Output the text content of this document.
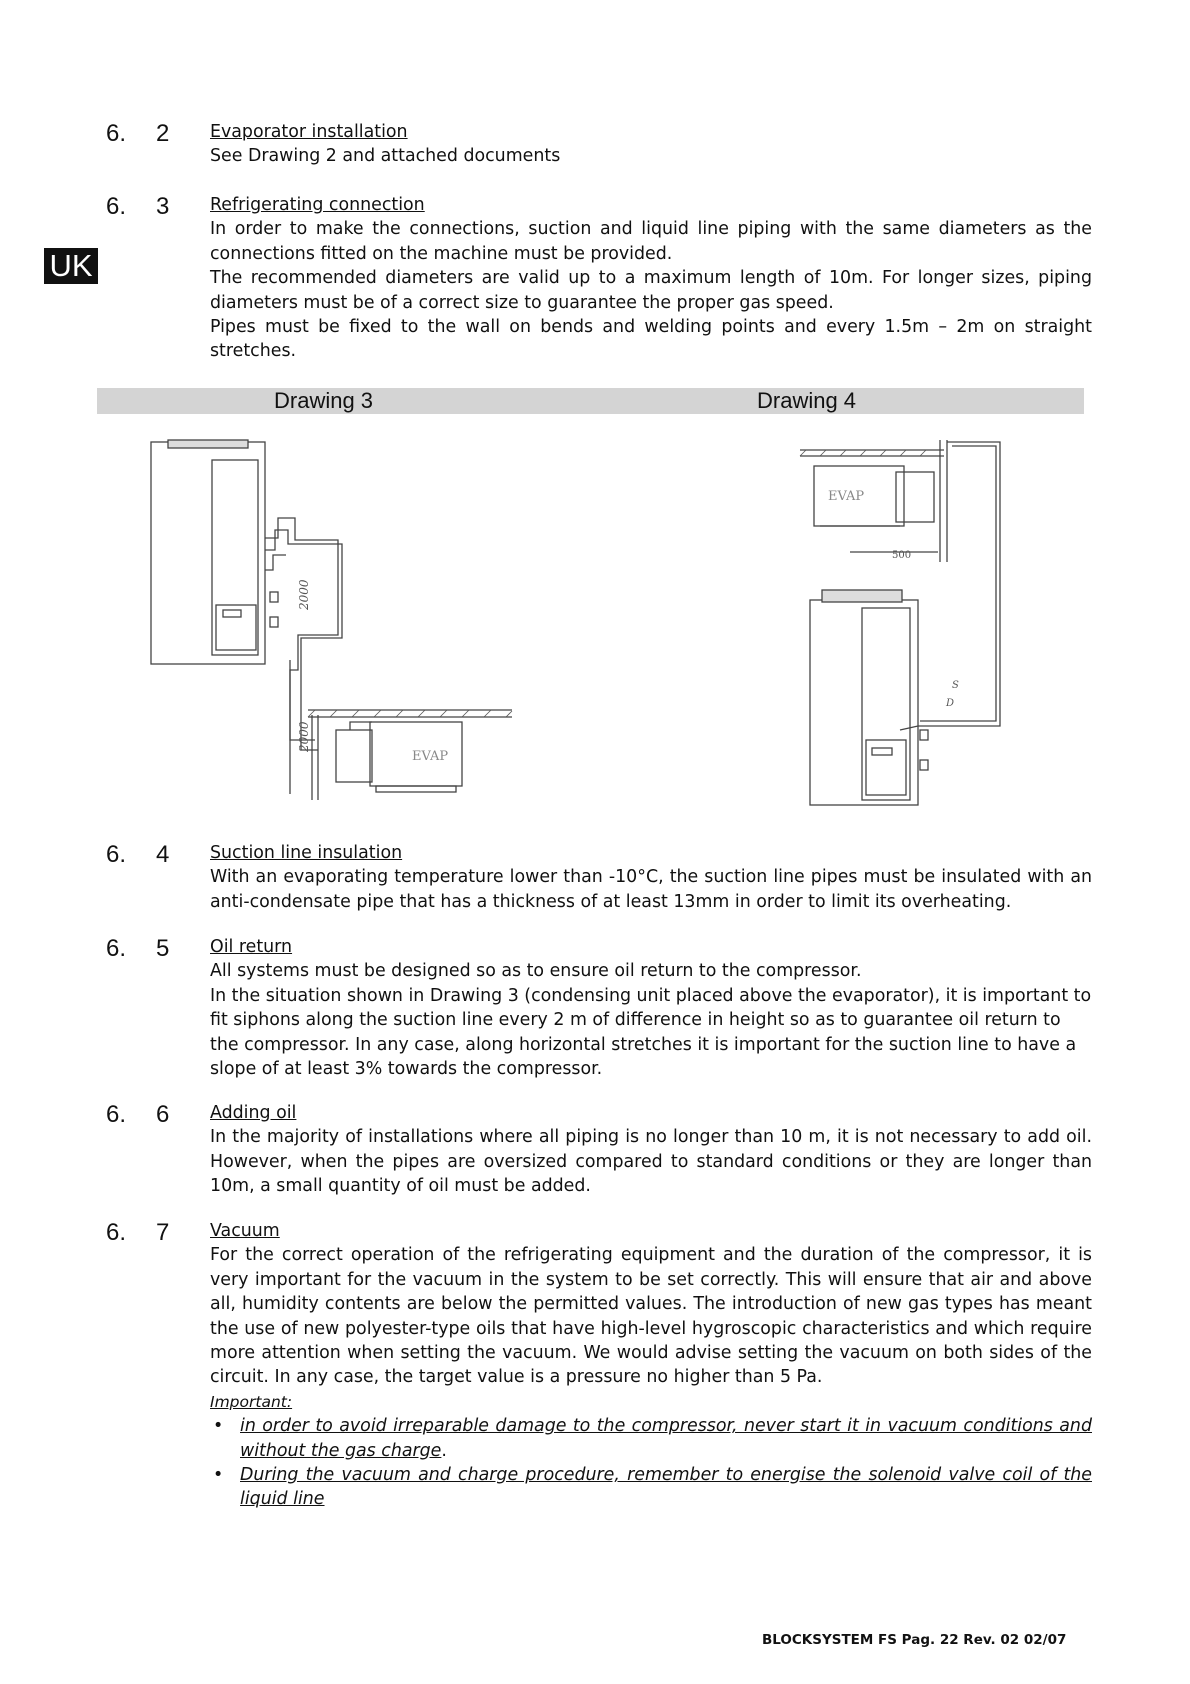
UK
6. 2 Evaporator installation

See Drawing 2 and attached documents

6. 3 Refrigerating connection

In order to make the connections, suction and liquid line piping with the same diameters as the connections fitted on the machine must be provided.

The recommended diameters are valid up to a maximum length of 10m. For longer sizes, piping diameters must be of a correct size to guarantee the proper gas speed.

Pipes must be fixed to the wall on bends and welding points and every 1.5m – 2m on straight stretches.

Drawing 3	Drawing 4
EVAP
2000
2000
EVAP
500
S
D
6. 4 Suction line insulation

With an evaporating temperature lower than -10°C, the suction line pipes must be insulated with an anti-condensate pipe that has a thickness of at least 13mm in order to limit its overheating.

6. 5 Oil return

All systems must be designed so as to ensure oil return to the compressor.

In the situation shown in Drawing 3 (condensing unit placed above the evaporator), it is important to fit siphons along the suction line every 2 m of difference in height so as to guarantee oil return to the compressor. In any case, along horizontal stretches it is important for the suction line to have a slope of at least 3% towards the compressor.

6. 6 Adding oil

In the majority of installations where all piping is no longer than 10 m, it is not necessary to add oil. However, when the pipes are oversized compared to standard conditions or they are longer than 10m, a small quantity of oil must be added.

6. 7 Vacuum

For the correct operation of the refrigerating equipment and the duration of the compressor, it is very important for the vacuum in the system to be set correctly. This will ensure that air and above all, humidity contents are below the permitted values. The introduction of new gas types has meant the use of new polyester-type oils that have high-level hygroscopic characteristics and which require more attention when setting the vacuum. We would advise setting the vacuum on both sides of the circuit. In any case, the target value is a pressure no higher than 5 Pa.

Important:
• in order to avoid irreparable damage to the compressor, never start it in vacuum conditions and without the gas charge.
• During the vacuum and charge procedure, remember to energise the solenoid valve coil of the liquid line
BLOCKSYSTEM FS Pag. 22 Rev. 02 02/07
